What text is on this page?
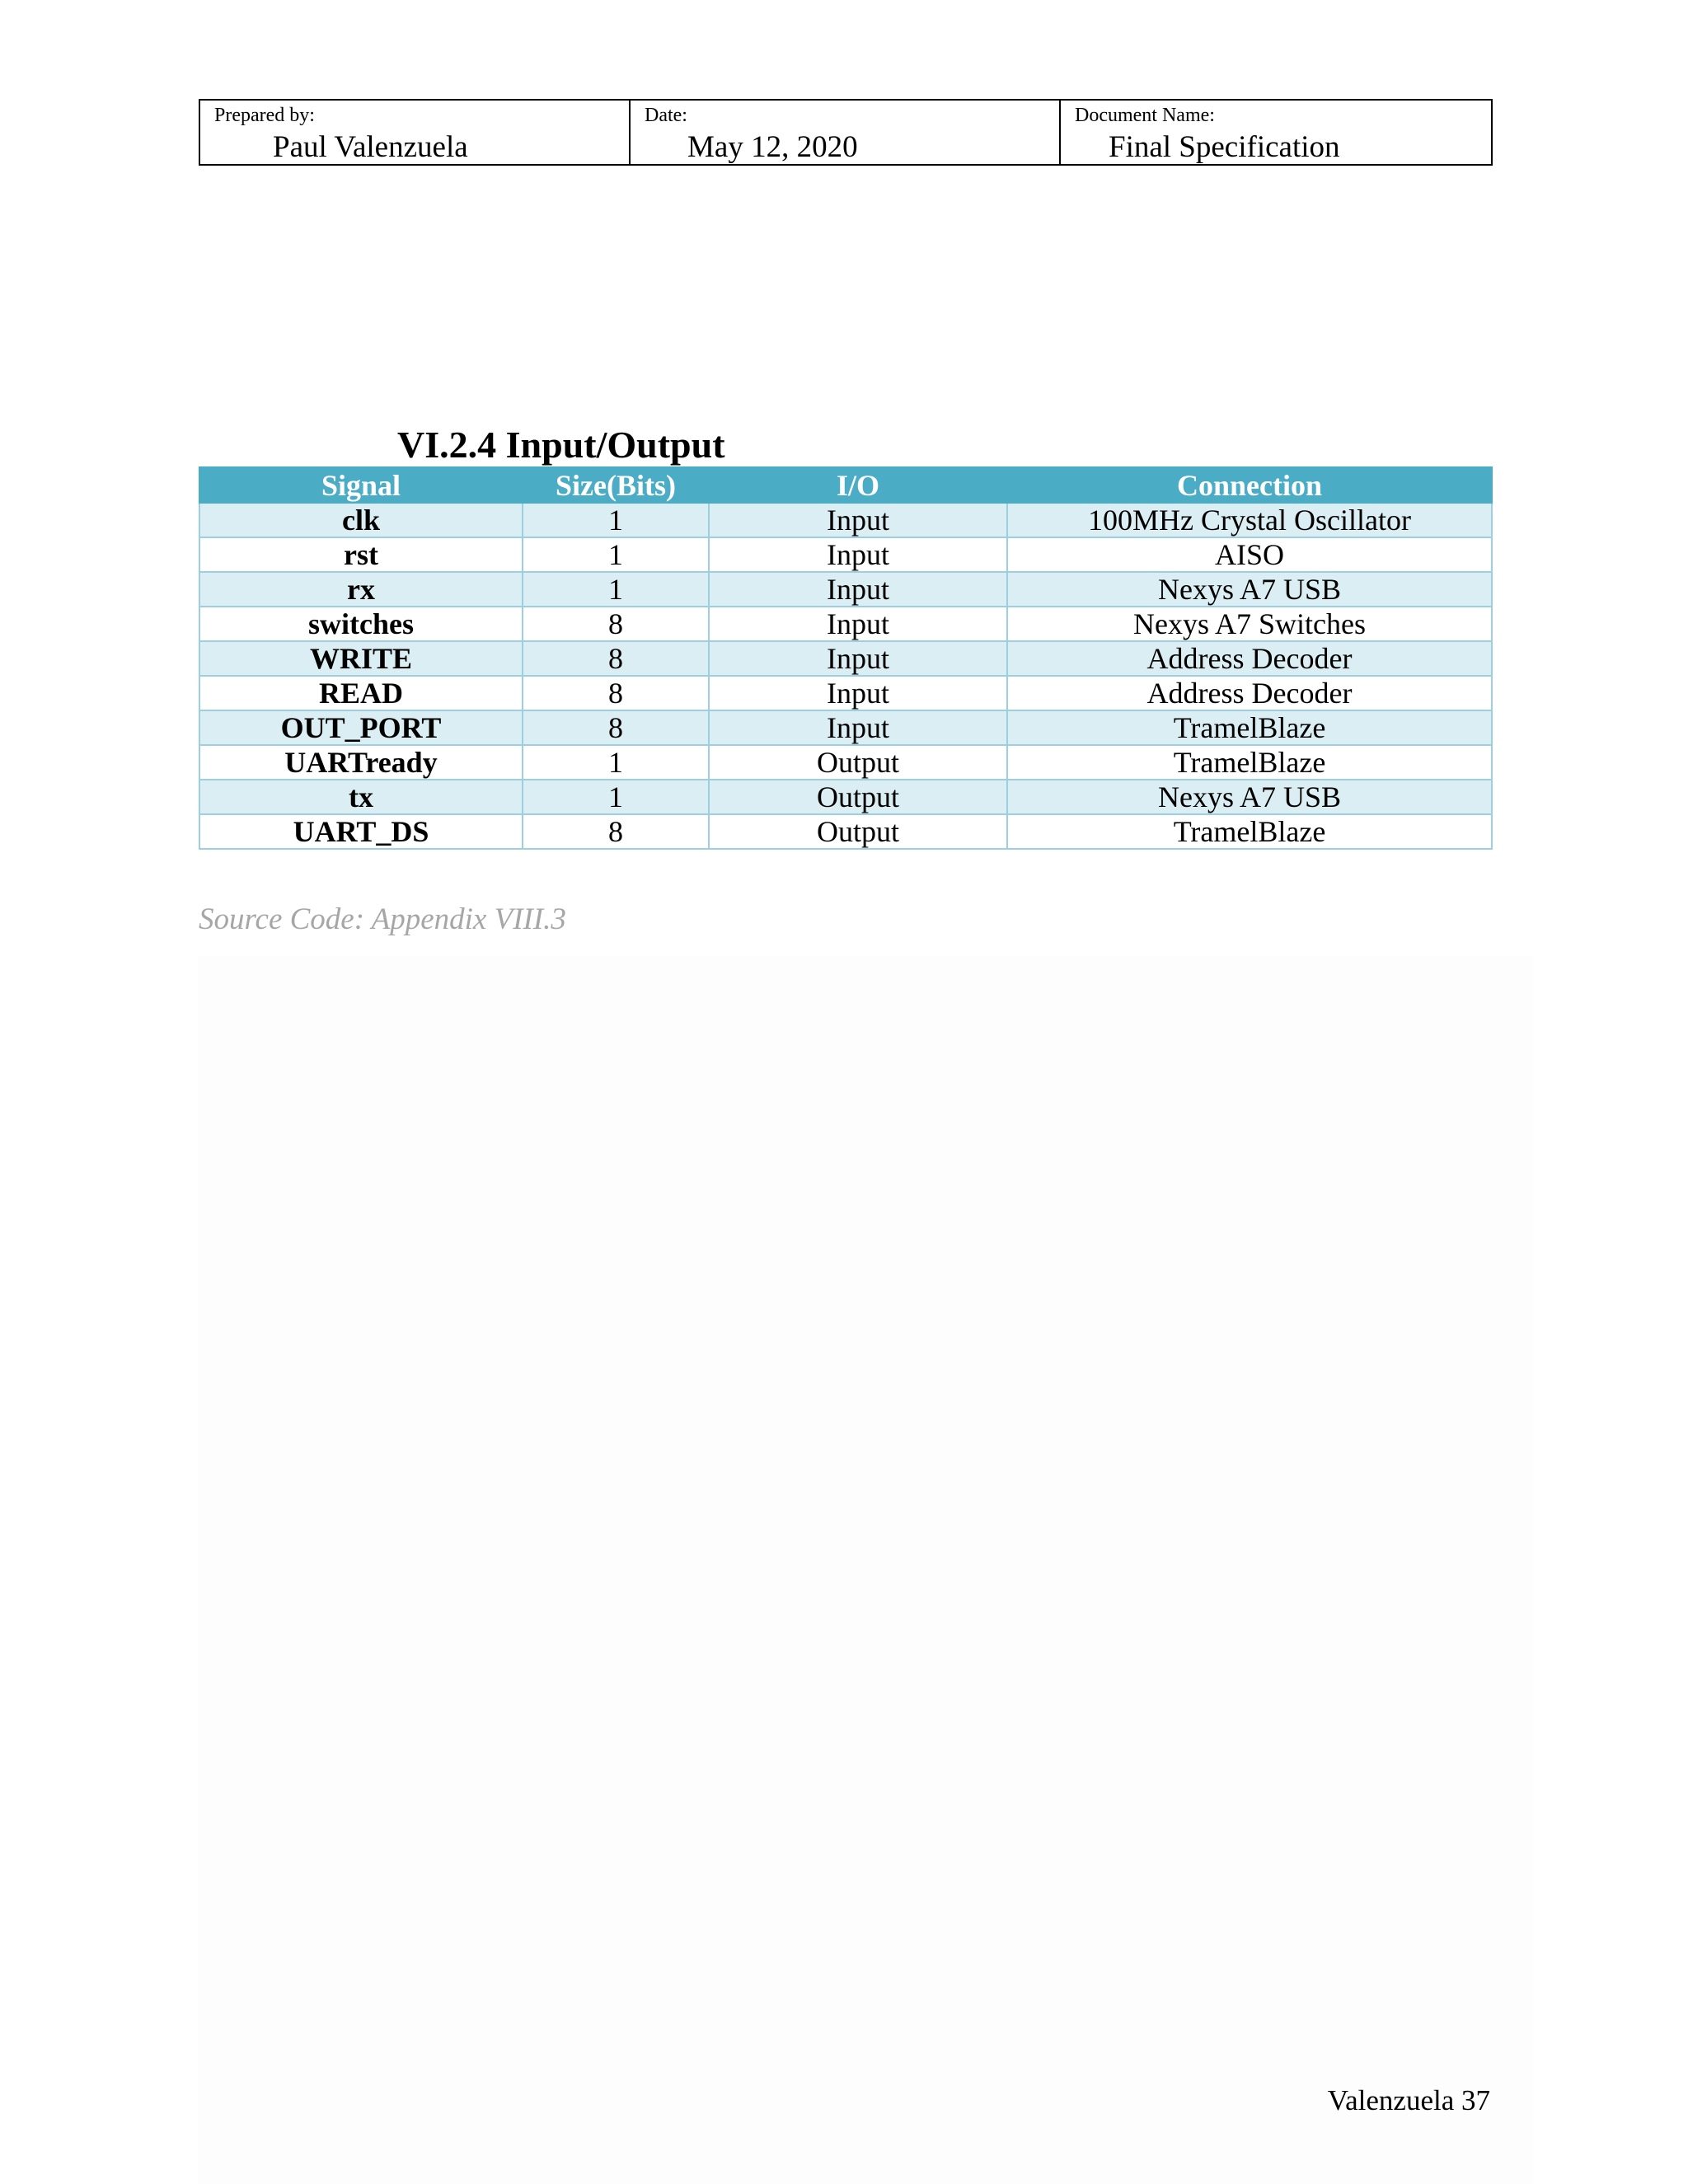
Prepared by:
Paul Valenzuela

Date:
May 12, 2020

Document Name:
Final Specification
VI.2.4 Input/Output
Signal	Size(Bits)	I/O	Connection
clk	1	Input	100MHz Crystal Oscillator
rst	1	Input	AISO
rx	1	Input	Nexys A7 USB
switches	8	Input	Nexys A7 Switches
WRITE	8	Input	Address Decoder
READ	8	Input	Address Decoder
OUT_PORT	8	Input	TramelBlaze
UARTready	1	Output	TramelBlaze
tx	1	Output	Nexys A7 USB
UART_DS	8	Output	TramelBlaze
Source Code: Appendix VIII.3
Valenzuela 37
